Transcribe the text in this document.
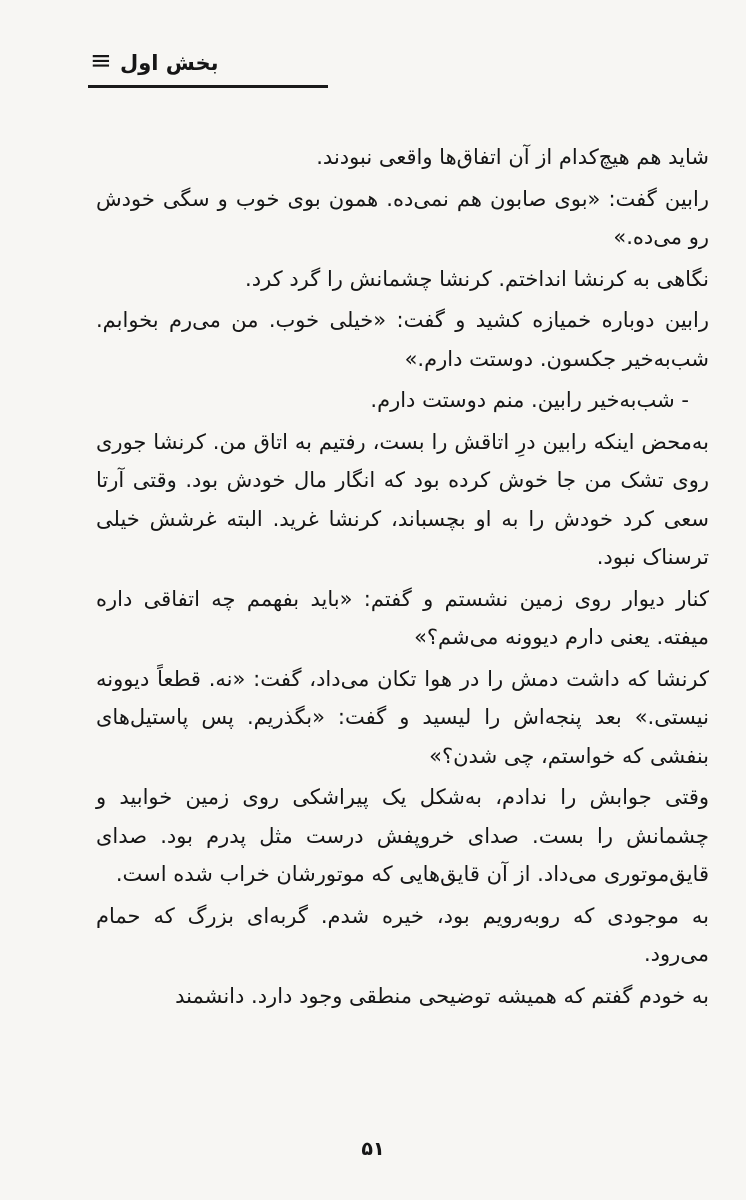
≡ بخش اول

شاید هم هیچ‌کدام از آن اتفاق‌ها واقعی نبودند.

رابین گفت: «بوی صابون هم نمی‌ده. همون بوی خوب و سگی خودش رو می‌ده.»

نگاهی به کرنشا انداختم. کرنشا چشمانش را گرد کرد.

رابین دوباره خمیازه کشید و گفت: «خیلی خوب. من می‌رم بخوابم. شب‌به‌خیر جکسون. دوستت دارم.»

- شب‌به‌خیر رابین. منم دوستت دارم.

به‌محض اینکه رابین درِ اتاقش را بست، رفتیم به اتاق من. کرنشا جوری روی تشک من جا خوش کرده بود که انگار مال خودش بود. وقتی آرتا سعی کرد خودش را به او بچسباند، کرنشا غرید. البته غرشش خیلی ترسناک نبود.

کنار دیوار روی زمین نشستم و گفتم: «باید بفهمم چه اتفاقی داره میفته. یعنی دارم دیوونه می‌شم؟»

کرنشا که داشت دمش را در هوا تکان می‌داد، گفت: «نه. قطعاً دیوونه نیستی.» بعد پنجه‌اش را لیسید و گفت: «بگذریم. پس پاستیل‌های بنفشی که خواستم، چی شدن؟»

وقتی جوابش را ندادم، به‌شکل یک پیراشکی روی زمین خوابید و چشمانش را بست. صدای خروپفش درست مثل پدرم بود. صدای قایق‌موتوری می‌داد. از آن قایق‌هایی که موتورشان خراب شده است.

به موجودی که روبه‌رویم بود، خیره شدم. گربه‌ای بزرگ که حمام می‌رود.

به خودم گفتم که همیشه توضیحی منطقی وجود دارد. دانشمند

۵۱
